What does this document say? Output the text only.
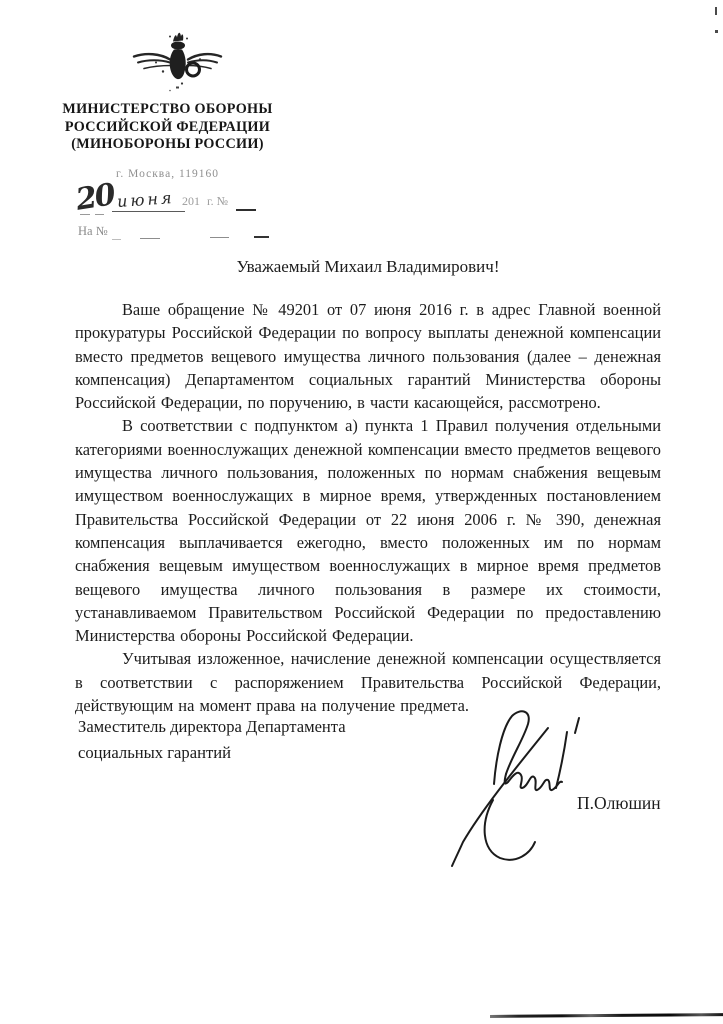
МИНИСТЕРСТВО ОБОРОНЫ
РОССИЙСКОЙ ФЕДЕРАЦИИ
(МИНОБОРОНЫ РОССИИ)
г. Москва, 119160
20 июня 201 г. №
На №
Уважаемый Михаил Владимирович!

Ваше обращение № 49201 от 07 июня 2016 г. в адрес Главной военной прокуратуры Российской Федерации по вопросу выплаты денежной компенсации вместо предметов вещевого имущества личного пользования (далее – денежная компенсация) Департаментом социальных гарантий Министерства обороны Российской Федерации, по поручению, в части касающейся, рассмотрено.

В соответствии с подпунктом а) пункта 1 Правил получения отдельными категориями военнослужащих денежной компенсации вместо предметов вещевого имущества личного пользования, положенных по нормам снабжения вещевым имуществом военнослужащих в мирное время, утвержденных постановлением Правительства Российской Федерации от 22 июня 2006 г. № 390, денежная компенсация выплачивается ежегодно, вместо положенных им по нормам снабжения вещевым имуществом военнослужащих в мирное время предметов вещевого имущества личного пользования в размере их стоимости, устанавливаемом Правительством Российской Федерации по предоставлению Министерства обороны Российской Федерации.

Учитывая изложенное, начисление денежной компенсации осуществляется в соответствии с распоряжением Правительства Российской Федерации, действующим на момент права на получение предмета.

Заместитель директора Департамента
социальных гарантий
П.Олюшин
